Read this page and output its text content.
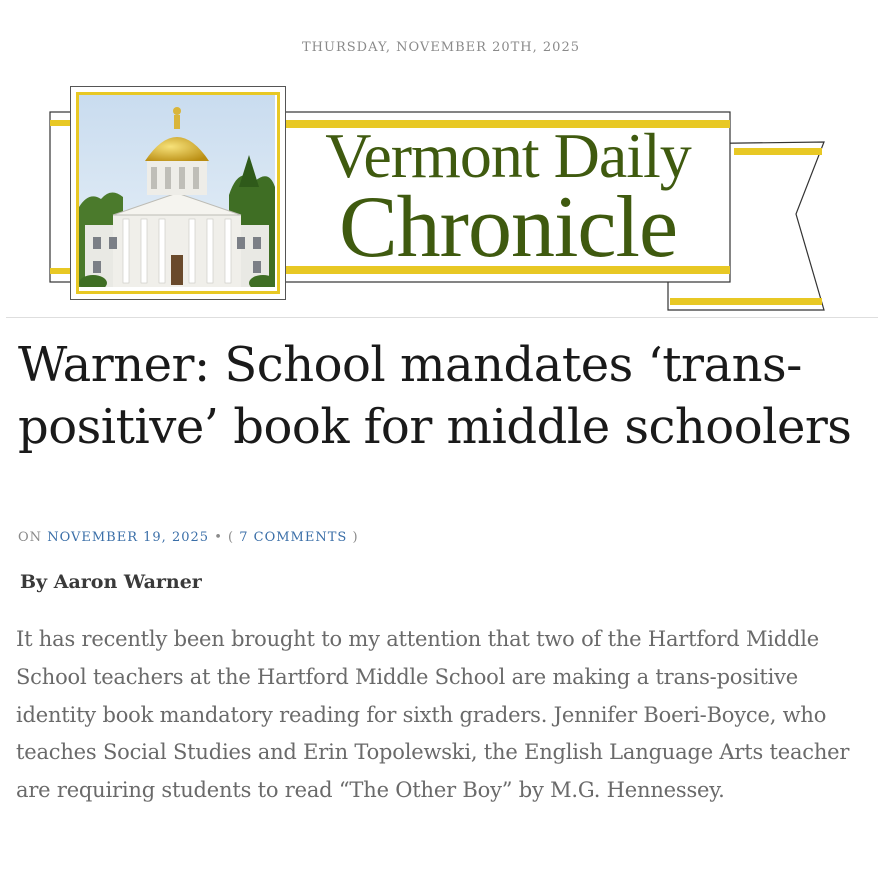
THURSDAY, NOVEMBER 20TH, 2025
Vermont Daily
Chronicle
Warner: School mandates ‘trans-positive’ book for middle schoolers
ON NOVEMBER 19, 2025 • ( 7 COMMENTS )
By Aaron Warner

It has recently been brought to my attention that two of the Hartford Middle School teachers at the Hartford Middle School are making a trans-positive identity book mandatory reading for sixth graders. Jennifer Boeri-Boyce, who teaches Social Studies and Erin Topolewski, the English Language Arts teacher are requiring students to read “The Other Boy” by M.G. Hennessey.
